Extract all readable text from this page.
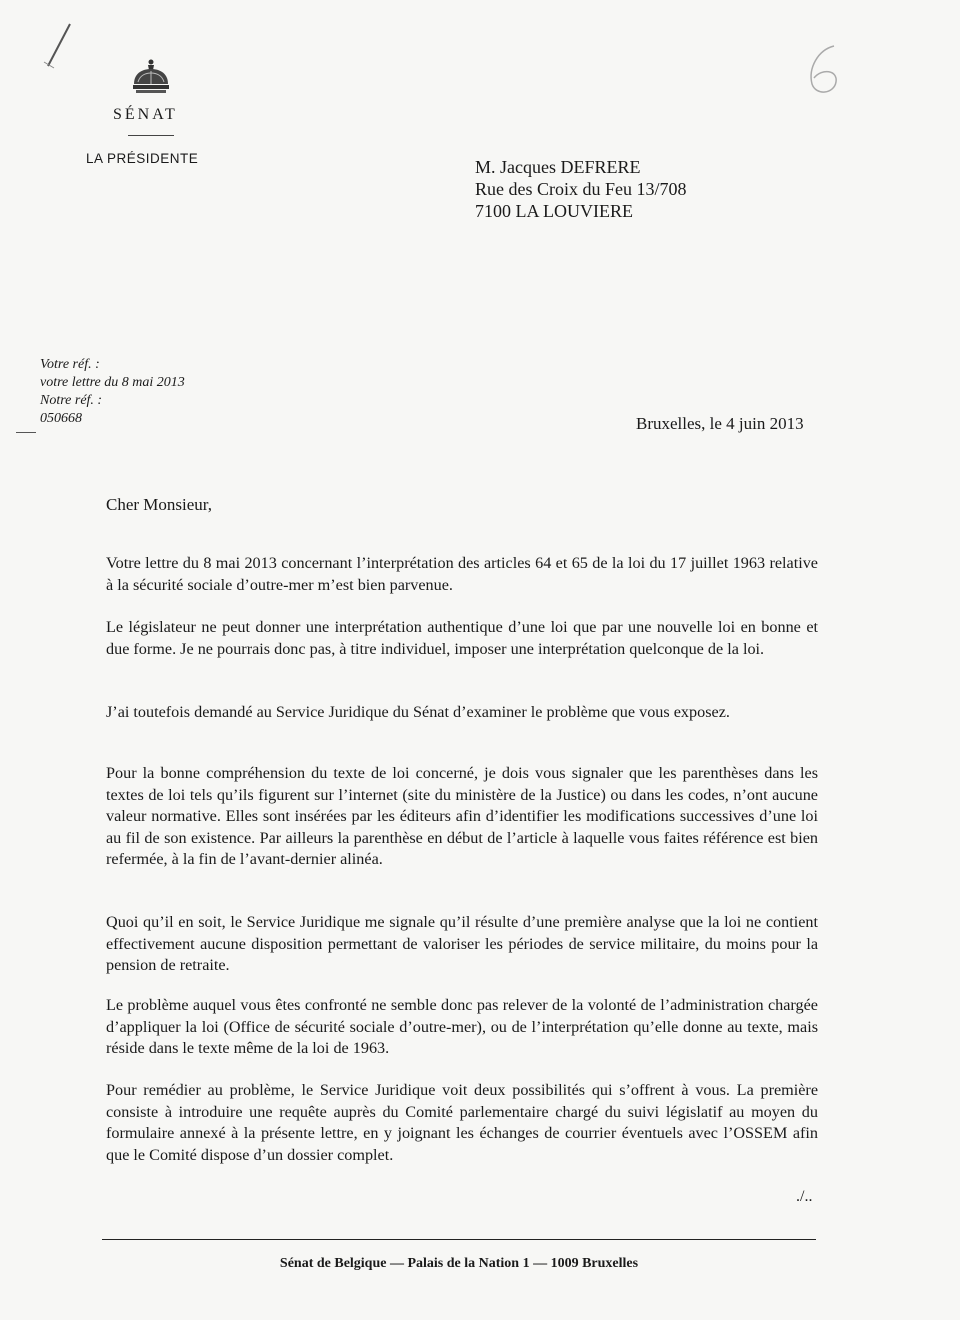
SÉNAT
LA PRÉSIDENTE	M. Jacques DEFRERE
Rue des Croix du Feu 13/708
7100 LA LOUVIERE
Votre réf. :
votre lettre du 8 mai 2013
Notre réf. :
050668	Bruxelles, le 4 juin 2013
Cher Monsieur,
Votre lettre du 8 mai 2013 concernant l’interprétation des articles 64 et 65 de la loi du 17 juillet 1963 relative à la sécurité sociale d’outre-mer m’est bien parvenue.
Le législateur ne peut donner une interprétation authentique d’une loi que par une nouvelle loi en bonne et due forme. Je ne pourrais donc pas, à titre individuel, imposer une interprétation quelconque de la loi.
J’ai toutefois demandé au Service Juridique du Sénat d’examiner le problème que vous exposez.
Pour la bonne compréhension du texte de loi concerné, je dois vous signaler que les parenthèses dans les textes de loi tels qu’ils figurent sur l’internet (site du ministère de la Justice) ou dans les codes, n’ont aucune valeur normative. Elles sont insérées par les éditeurs afin d’identifier les modifications successives d’une loi au fil de son existence. Par ailleurs la parenthèse en début de l’article à laquelle vous faites référence est bien refermée, à la fin de l’avant-dernier alinéa.
Quoi qu’il en soit, le Service Juridique me signale qu’il résulte d’une première analyse que la loi ne contient effectivement aucune disposition permettant de valoriser les périodes de service militaire, du moins pour la pension de retraite.
Le problème auquel vous êtes confronté ne semble donc pas relever de la volonté de l’administration chargée d’appliquer la loi (Office de sécurité sociale d’outre-mer), ou de l’interprétation qu’elle donne au texte, mais réside dans le texte même de la loi de 1963.
Pour remédier au problème, le Service Juridique voit deux possibilités qui s’offrent à vous. La première consiste à introduire une requête auprès du Comité parlementaire chargé du suivi législatif au moyen du formulaire annexé à la présente lettre, en y joignant les échanges de courrier éventuels avec l’OSSEM afin que le Comité dispose d’un dossier complet.
./..
Sénat de Belgique — Palais de la Nation 1 — 1009 Bruxelles
